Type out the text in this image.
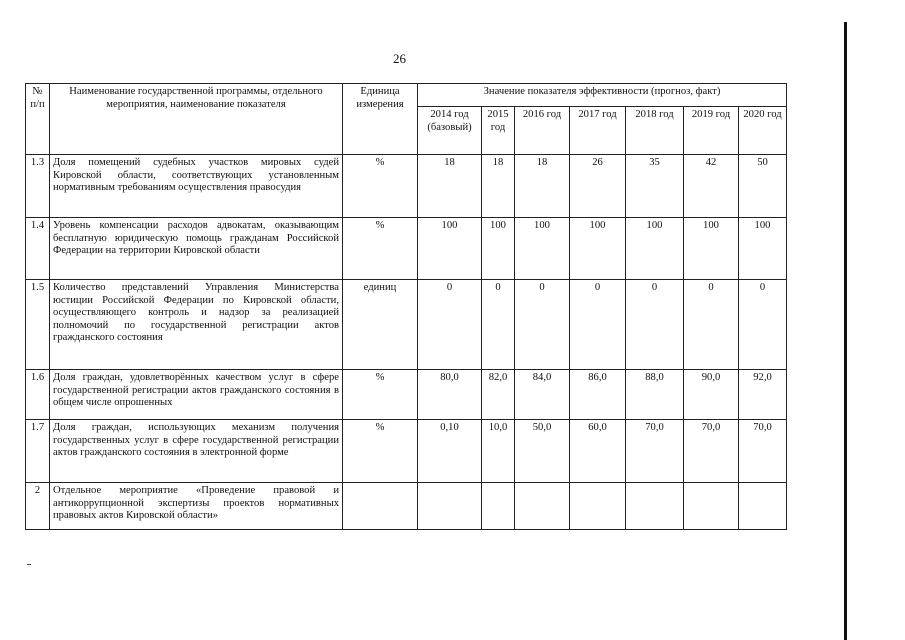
26
№ п/п	Наименование государственной программы, отдельного мероприятия, наименование показателя	Единица измерения	Значение показателя эффективности (прогноз, факт)						
			2014 год (базовый)	2015 год	2016 год	2017 год	2018 год	2019 год	2020 год
1.3	Доля помещений судебных участков мировых судей Кировской области, соответствующих установленным нормативным требованиям осуществления правосудия	%	18	18	18	26	35	42	50
1.4	Уровень компенсации расходов адвокатам, оказывающим бесплатную юридическую помощь гражданам Российской Федерации на территории Кировской области	%	100	100	100	100	100	100	100
1.5	Количество представлений Управления Министерства юстиции Российской Федерации по Кировской области, осуществляющего контроль и надзор за реализацией полномочий по государственной регистрации актов гражданского состояния	единиц	0	0	0	0	0	0	0
1.6	Доля граждан, удовлетворённых качеством услуг в сфере государственной регистрации актов гражданского состояния в общем числе опрошенных	%	80,0	82,0	84,0	86,0	88,0	90,0	92,0
1.7	Доля граждан, использующих механизм получения государственных услуг в сфере государственной регистрации актов гражданского состояния в электронной форме	%	0,10	10,0	50,0	60,0	70,0	70,0	70,0
2	Отдельное мероприятие «Проведение правовой и антикоррупционной экспертизы проектов нормативных правовых актов Кировской области»								
